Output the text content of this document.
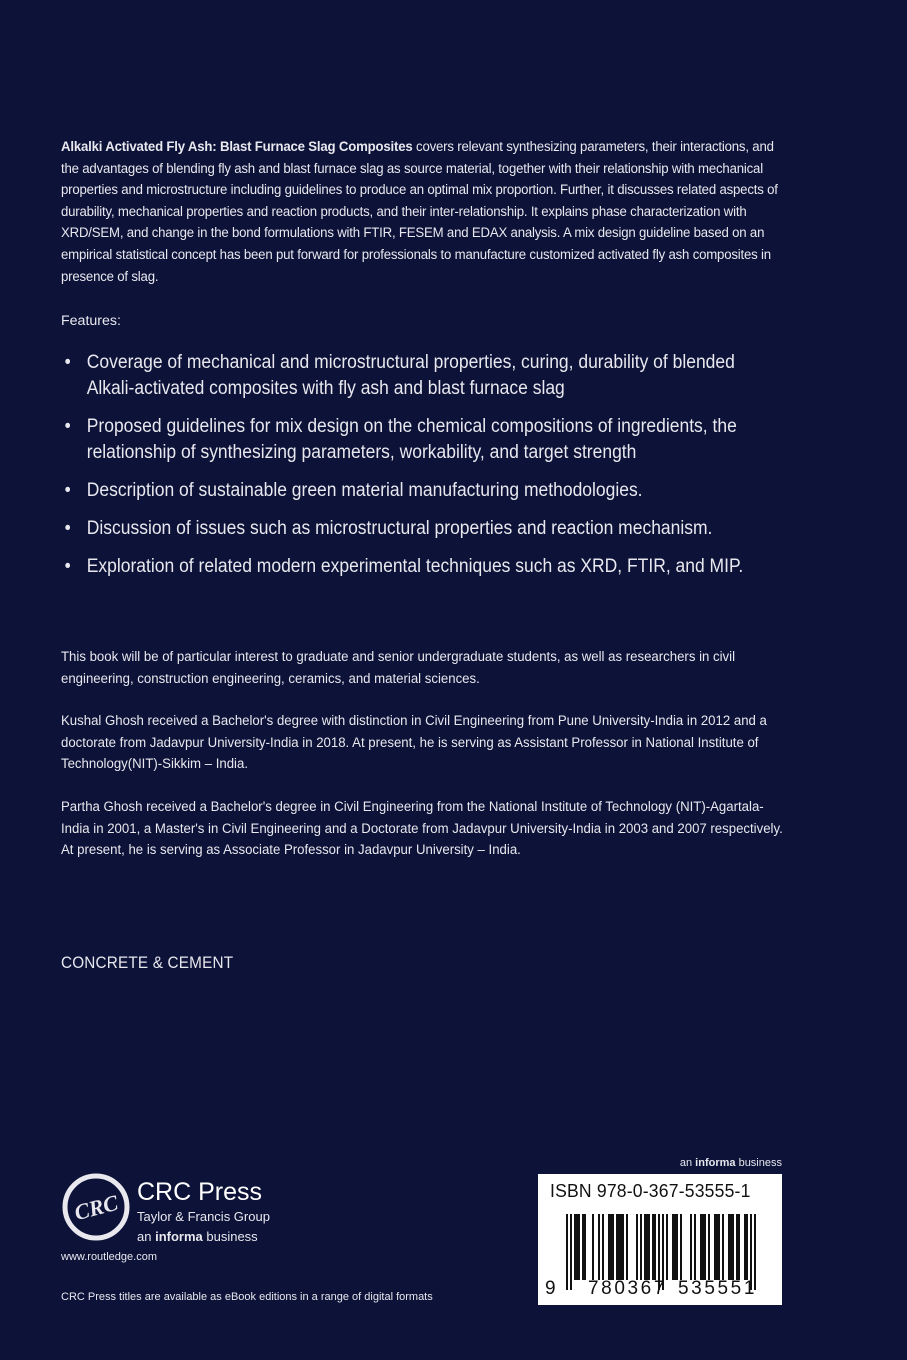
Alkalki Activated Fly Ash: Blast Furnace Slag Composites covers relevant synthesizing parameters, their interactions, and the advantages of blending fly ash and blast furnace slag as source material, together with their relationship with mechanical properties and microstructure including guidelines to produce an optimal mix proportion. Further, it discusses related aspects of durability, mechanical properties and reaction products, and their inter-relationship. It explains phase characterization with XRD/SEM, and change in the bond formulations with FTIR, FESEM and EDAX analysis. A mix design guideline based on an empirical statistical concept has been put forward for professionals to manufacture customized activated fly ash composites in presence of slag.

Features:
• Coverage of mechanical and microstructural properties, curing, durability of blended Alkali-activated composites with fly ash and blast furnace slag
• Proposed guidelines for mix design on the chemical compositions of ingredients, the relationship of synthesizing parameters, workability, and target strength
• Description of sustainable green material manufacturing methodologies.
• Discussion of issues such as microstructural properties and reaction mechanism.
• Exploration of related modern experimental techniques such as XRD, FTIR, and MIP.

This book will be of particular interest to graduate and senior undergraduate students, as well as researchers in civil engineering, construction engineering, ceramics, and material sciences.

Kushal Ghosh received a Bachelor's degree with distinction in Civil Engineering from Pune University-India in 2012 and a doctorate from Jadavpur University-India in 2018. At present, he is serving as Assistant Professor in National Institute of Technology(NIT)-Sikkim – India.

Partha Ghosh received a Bachelor's degree in Civil Engineering from the National Institute of Technology (NIT)-Agartala-India in 2001, a Master's in Civil Engineering and a Doctorate from Jadavpur University-India in 2003 and 2007 respectively. At present, he is serving as Associate Professor in Jadavpur University – India.

CONCRETE & CEMENT
an informa business
ISBN 978-0-367-53555-1
9 780367 535551
CRC CRC Press
Taylor & Francis Group
an informa business
www.routledge.com
CRC Press titles are available as eBook editions in a range of digital formats
